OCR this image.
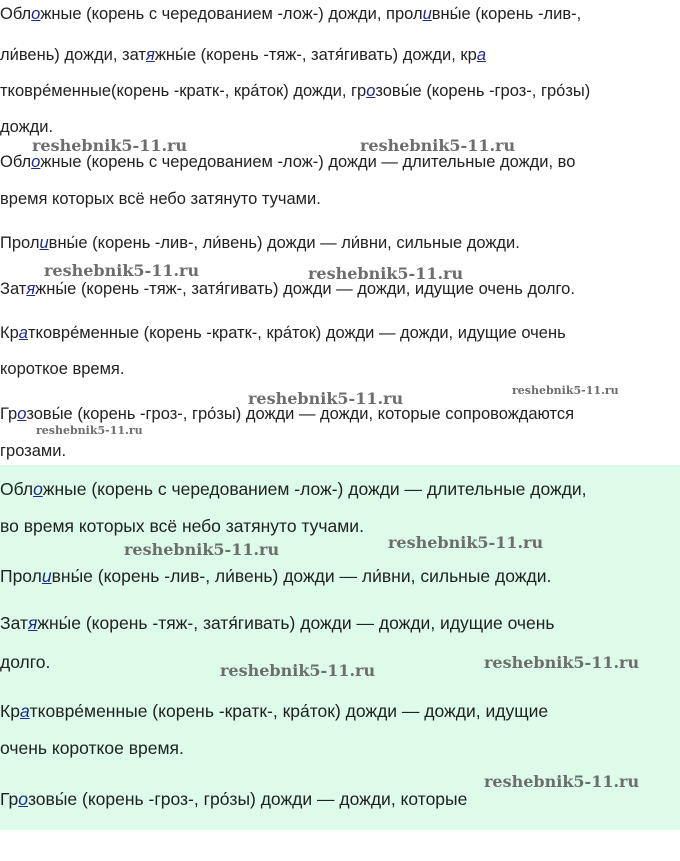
Обложные (корень с чередованием -лож-) дожди, проливны́е (корень -лив-,

ли́вень) дожди, затяжны́е (корень -тяж-, затя́гивать) дожди, кра

тковре́менные(корень -кратк-, кра́ток) дожди, грозовы́е (корень -гроз-, гро́зы)

дожди.

Обложные (корень с чередованием -лож-) дожди — длительные дожди, во

время которых всё небо затянуто тучами.

Проливны́е (корень -лив-, ли́вень) дожди — ли́вни, сильные дожди.

Затяжны́е (корень -тяж-, затя́гивать) дожди — дожди, идущие очень долго.

Кратковре́менные (корень -кратк-, кра́ток) дожди — дожди, идущие очень

короткое время.

Грозовы́е (корень -гроз-, гро́зы) дожди — дожди, которые сопровождаются

грозами.

Обложные (корень с чередованием -лож-) дожди — длительные дожди,

во время которых всё небо затянуто тучами.

Проливны́е (корень -лив-, ли́вень) дожди — ли́вни, сильные дожди.

Затяжны́е (корень -тяж-, затя́гивать) дожди — дожди, идущие очень

долго.

Кратковре́менные (корень -кратк-, кра́ток) дожди — дожди, идущие

очень короткое время.

Грозовы́е (корень -гроз-, гро́зы) дожди — дожди, которые

reshebnik5-11.ru	reshebnik5-11.ru
reshebnik5-11.ru	reshebnik5-11.ru
reshebnik5-11.ru	reshebnik5-11.ru
reshebnik5-11.ru
reshebnik5-11.ru	reshebnik5-11.ru
reshebnik5-11.ru	reshebnik5-11.ru
reshebnik5-11.ru
